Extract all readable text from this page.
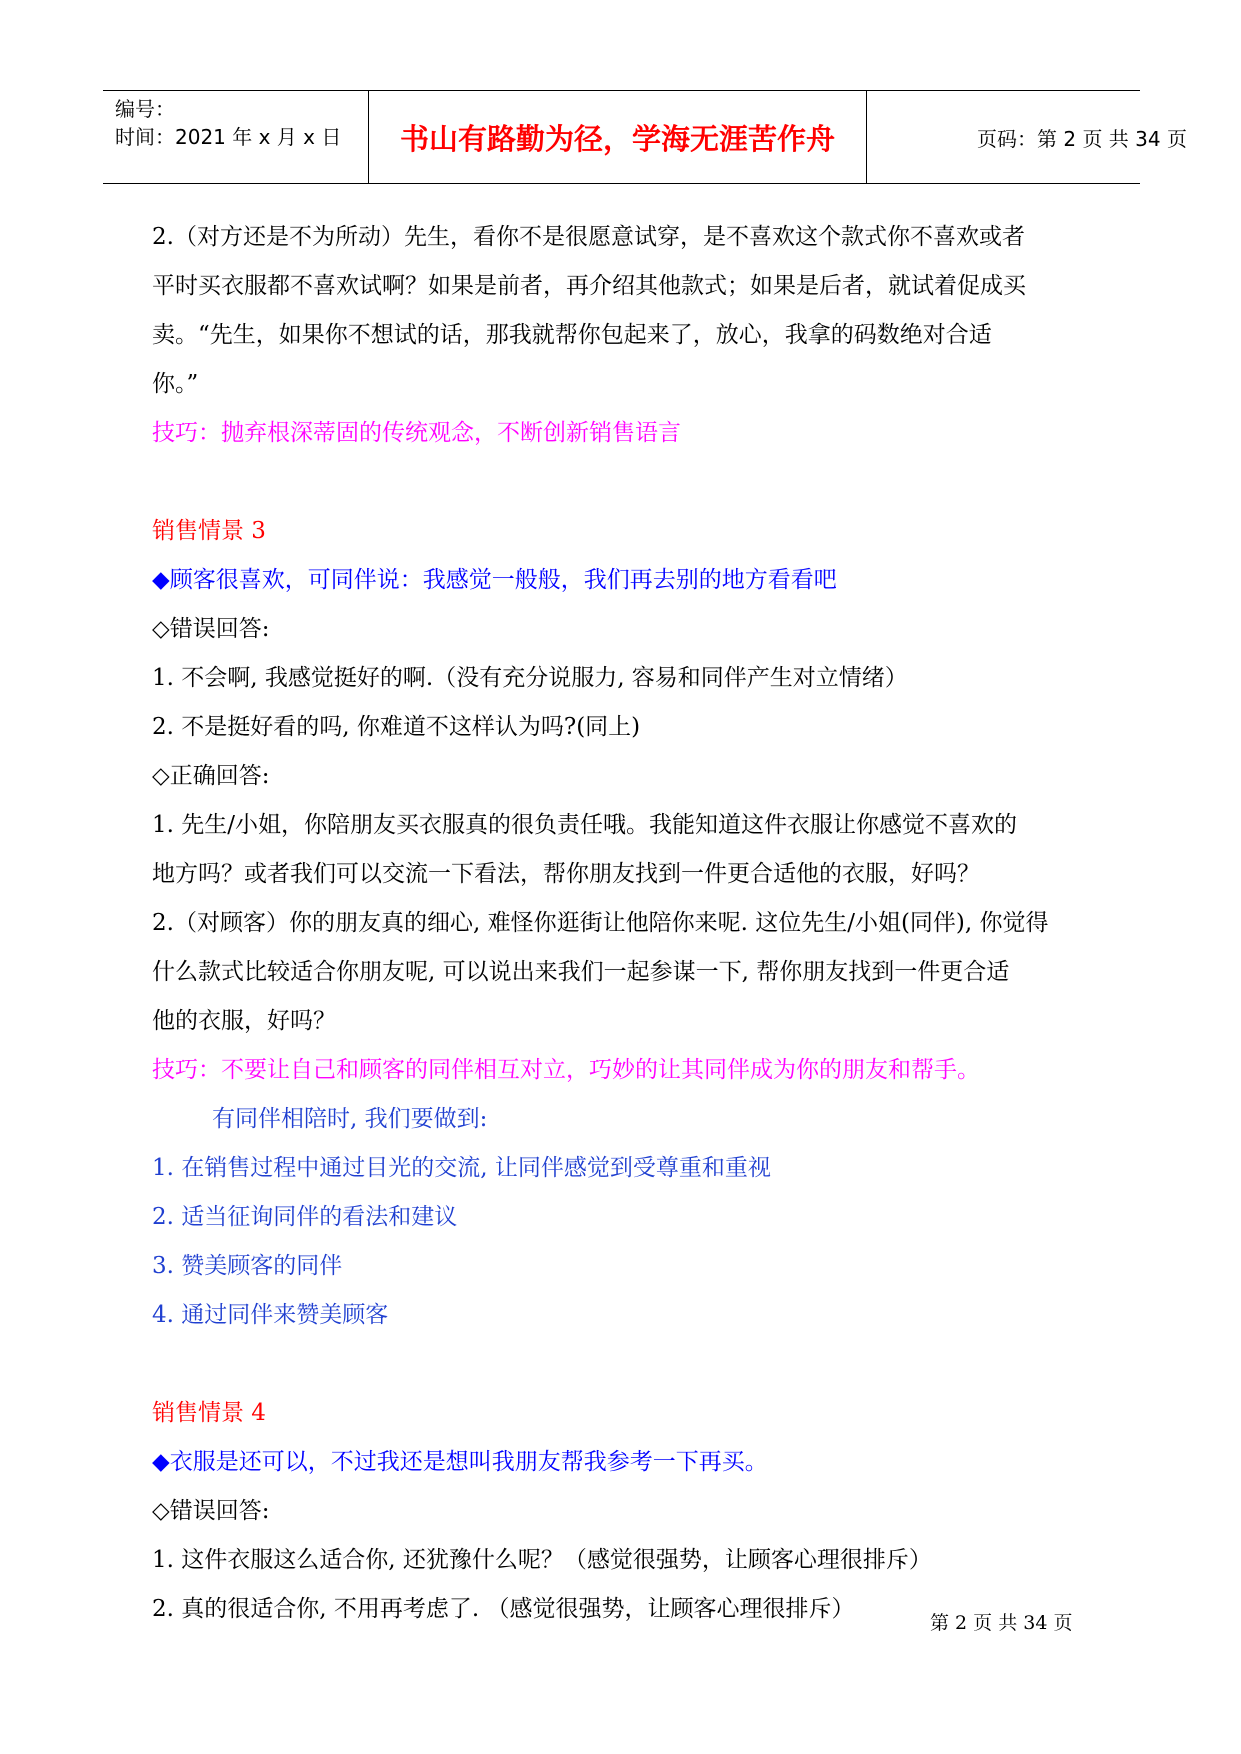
编号：
时间：2021 年 x 月 x 日	书山有路勤为径，学海无涯苦作舟	页码：第 2 页 共 34 页
2.（对方还是不为所动）先生，看你不是很愿意试穿，是不喜欢这个款式你不喜欢或者
平时买衣服都不喜欢试啊？如果是前者，再介绍其他款式；如果是后者，就试着促成买
卖。“先生，如果你不想试的话，那我就帮你包起来了，放心，我拿的码数绝对合适
你。”
技巧：抛弃根深蒂固的传统观念，不断创新销售语言
销售情景 3
◆顾客很喜欢，可同伴说：我感觉一般般，我们再去别的地方看看吧
◇错误回答:
1. 不会啊, 我感觉挺好的啊.（没有充分说服力, 容易和同伴产生对立情绪）
2. 不是挺好看的吗, 你难道不这样认为吗?(同上)
◇正确回答:
1. 先生/小姐，你陪朋友买衣服真的很负责任哦。我能知道这件衣服让你感觉不喜欢的
地方吗？或者我们可以交流一下看法，帮你朋友找到一件更合适他的衣服，好吗？
2.（对顾客）你的朋友真的细心, 难怪你逛街让他陪你来呢. 这位先生/小姐(同伴), 你觉得
什么款式比较适合你朋友呢, 可以说出来我们一起参谋一下, 帮你朋友找到一件更合适
他的衣服，好吗？
技巧：不要让自己和顾客的同伴相互对立，巧妙的让其同伴成为你的朋友和帮手。
有同伴相陪时, 我们要做到:
1. 在销售过程中通过目光的交流, 让同伴感觉到受尊重和重视
2. 适当征询同伴的看法和建议
3. 赞美顾客的同伴
4. 通过同伴来赞美顾客
销售情景 4
◆衣服是还可以，不过我还是想叫我朋友帮我参考一下再买。
◇错误回答:
1. 这件衣服这么适合你, 还犹豫什么呢？（感觉很强势，让顾客心理很排斥）
2. 真的很适合你, 不用再考虑了. （感觉很强势，让顾客心理很排斥）
第 2 页 共 34 页
